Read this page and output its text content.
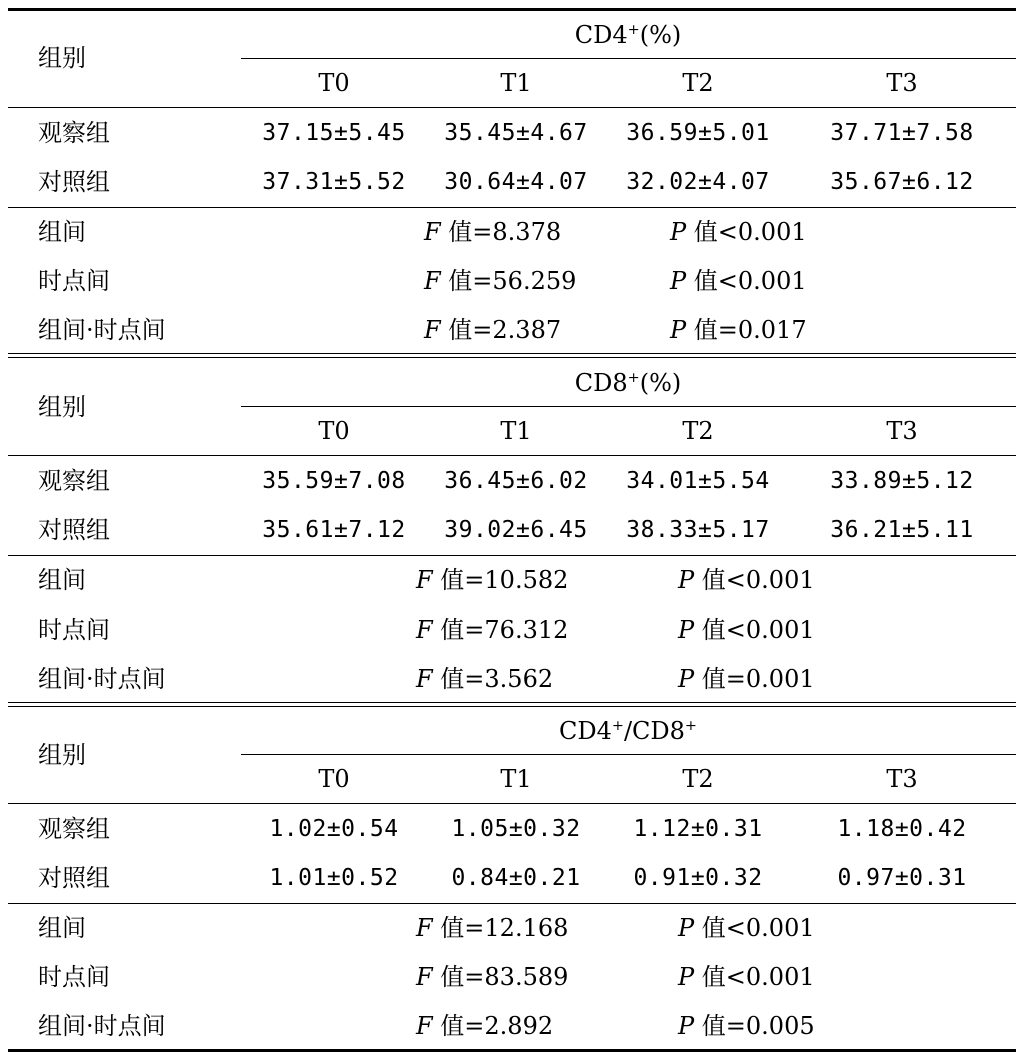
组别
CD4+(%)
T0	T1	T2	T3
观察组	37.15±5.45 35.45±4.67 36.59±5.01	37.71±7.58
对照组	37.31±5.52 30.64±4.07 32.02±4.07	35.67±6.12
组间	F 值=8.378	P 值<0.001
时点间	F 值=56.259	P 值<0.001
组间·时点间	F 值=2.387	P 值=0.017
组别
CD8+(%)
T0	T1	T2	T3
观察组	35.59±7.08 36.45±6.02 34.01±5.54	33.89±5.12
对照组	35.61±7.12 39.02±6.45 38.33±5.17	36.21±5.11
组间	F 值=10.582	P 值<0.001
时点间	F 值=76.312	P 值<0.001
组间·时点间	F 值=3.562	P 值=0.001
组别
CD4+/CD8+
T0	T1	T2	T3
观察组	1.02±0.54 1.05±0.32 1.12±0.31	1.18±0.42
对照组	1.01±0.52 0.84±0.21 0.91±0.32	0.97±0.31
组间	F 值=12.168	P 值<0.001
时点间	F 值=83.589	P 值<0.001
组间·时点间	F 值=2.892	P 值=0.005
